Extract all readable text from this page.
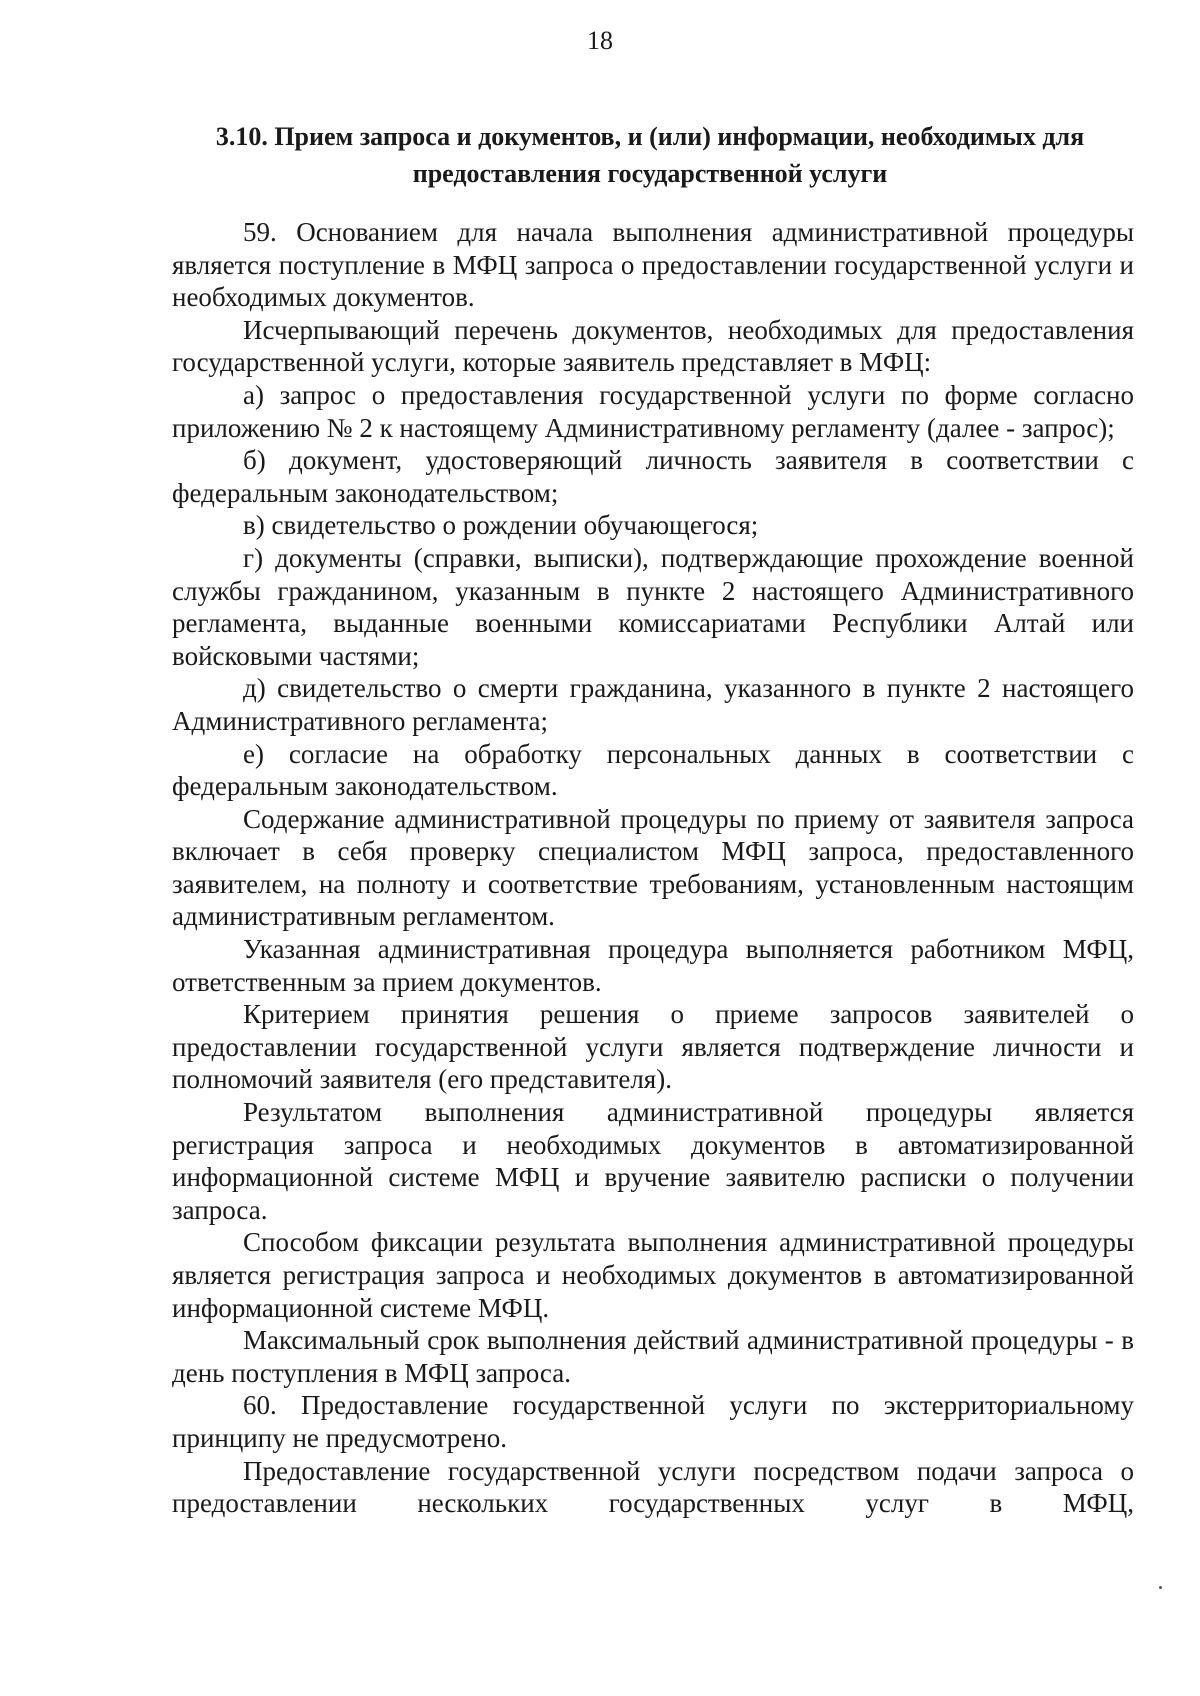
18
3.10. Прием запроса и документов, и (или) информации, необходимых для
предоставления государственной услуги

59. Основанием для начала выполнения административной процедуры является поступление в МФЦ запроса о предоставлении государственной услуги и необходимых документов.

Исчерпывающий перечень документов, необходимых для предоставления государственной услуги, которые заявитель представляет в МФЦ:

а) запрос о предоставления государственной услуги по форме согласно приложению № 2 к настоящему Административному регламенту (далее - запрос);

б) документ, удостоверяющий личность заявителя в соответствии с федеральным законодательством;

в) свидетельство о рождении обучающегося;

г) документы (справки, выписки), подтверждающие прохождение военной службы гражданином, указанным в пункте 2 настоящего Административного регламента, выданные военными комиссариатами Республики Алтай или войсковыми частями;

д) свидетельство о смерти гражданина, указанного в пункте 2 настоящего Административного регламента;

е) согласие на обработку персональных данных в соответствии с федеральным законодательством.

Содержание административной процедуры по приему от заявителя запроса включает в себя проверку специалистом МФЦ запроса, предоставленного заявителем, на полноту и соответствие требованиям, установленным настоящим административным регламентом.

Указанная административная процедура выполняется работником МФЦ, ответственным за прием документов.

Критерием принятия решения о приеме запросов заявителей о предоставлении государственной услуги является подтверждение личности и полномочий заявителя (его представителя).

Результатом выполнения административной процедуры является регистрация запроса и необходимых документов в автоматизированной информационной системе МФЦ и вручение заявителю расписки о получении запроса.

Способом фиксации результата выполнения административной процедуры является регистрация запроса и необходимых документов в автоматизированной информационной системе МФЦ.

Максимальный срок выполнения действий административной процедуры - в день поступления в МФЦ запроса.

60. Предоставление государственной услуги по экстерриториальному принципу не предусмотрено.

Предоставление государственной услуги посредством подачи запроса о предоставлении нескольких государственных услуг в МФЦ,
